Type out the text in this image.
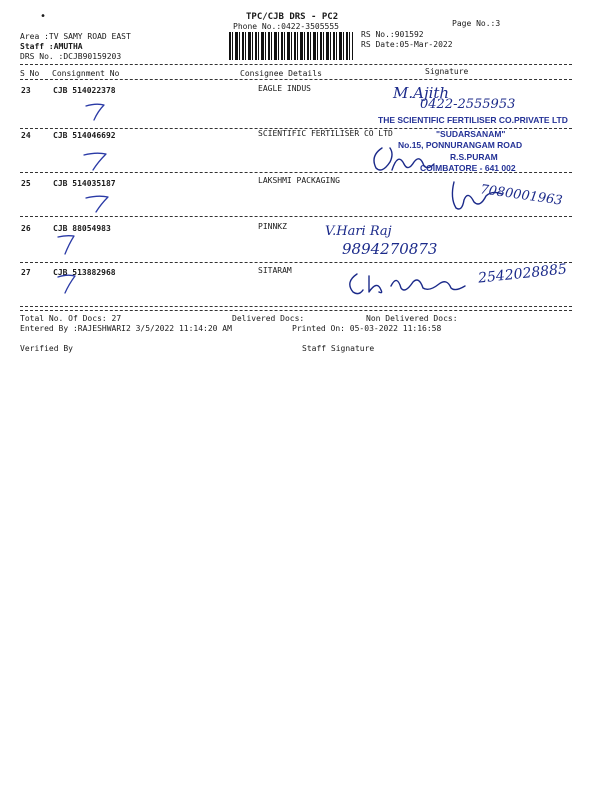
•	TPC/CJB DRS - PC2
Phone No.:0422-3505555	Page No.:3
Area :TV SAMY ROAD EAST
Staff :AMUTHA
DRS No. :DCJB90159203
RS No.:901592
RS Date:05-Mar-2022
S No Consignment No	Consignee Details	Signature
23	CJB 514022378	EAGLE INDUS
24	CJB 514046692	SCIENTIFIC FERTILISER CO LTD
25	CJB 514035187	LAKSHMI PACKAGING
26	CJB 88054983	PINNKZ
27	CJB 513882968	SITARAM
M.Ajith
0422-2555953
THE SCIENTIFIC FERTILISER CO.PRIVATE LTD
"SUDARSANAM"
No.15, PONNURANGAM ROAD
R.S.PURAM
COIMBATORE - 641 002
7080001963
V.Hari Raj
9894270873
2542028885
Total No. Of Docs: 27	Delivered Docs:	Non Delivered Docs:
Entered By :RAJESHWARI2 3/5/2022 11:14:20 AM	Printed On: 05-03-2022 11:16:58
Verified By	Staff Signature
